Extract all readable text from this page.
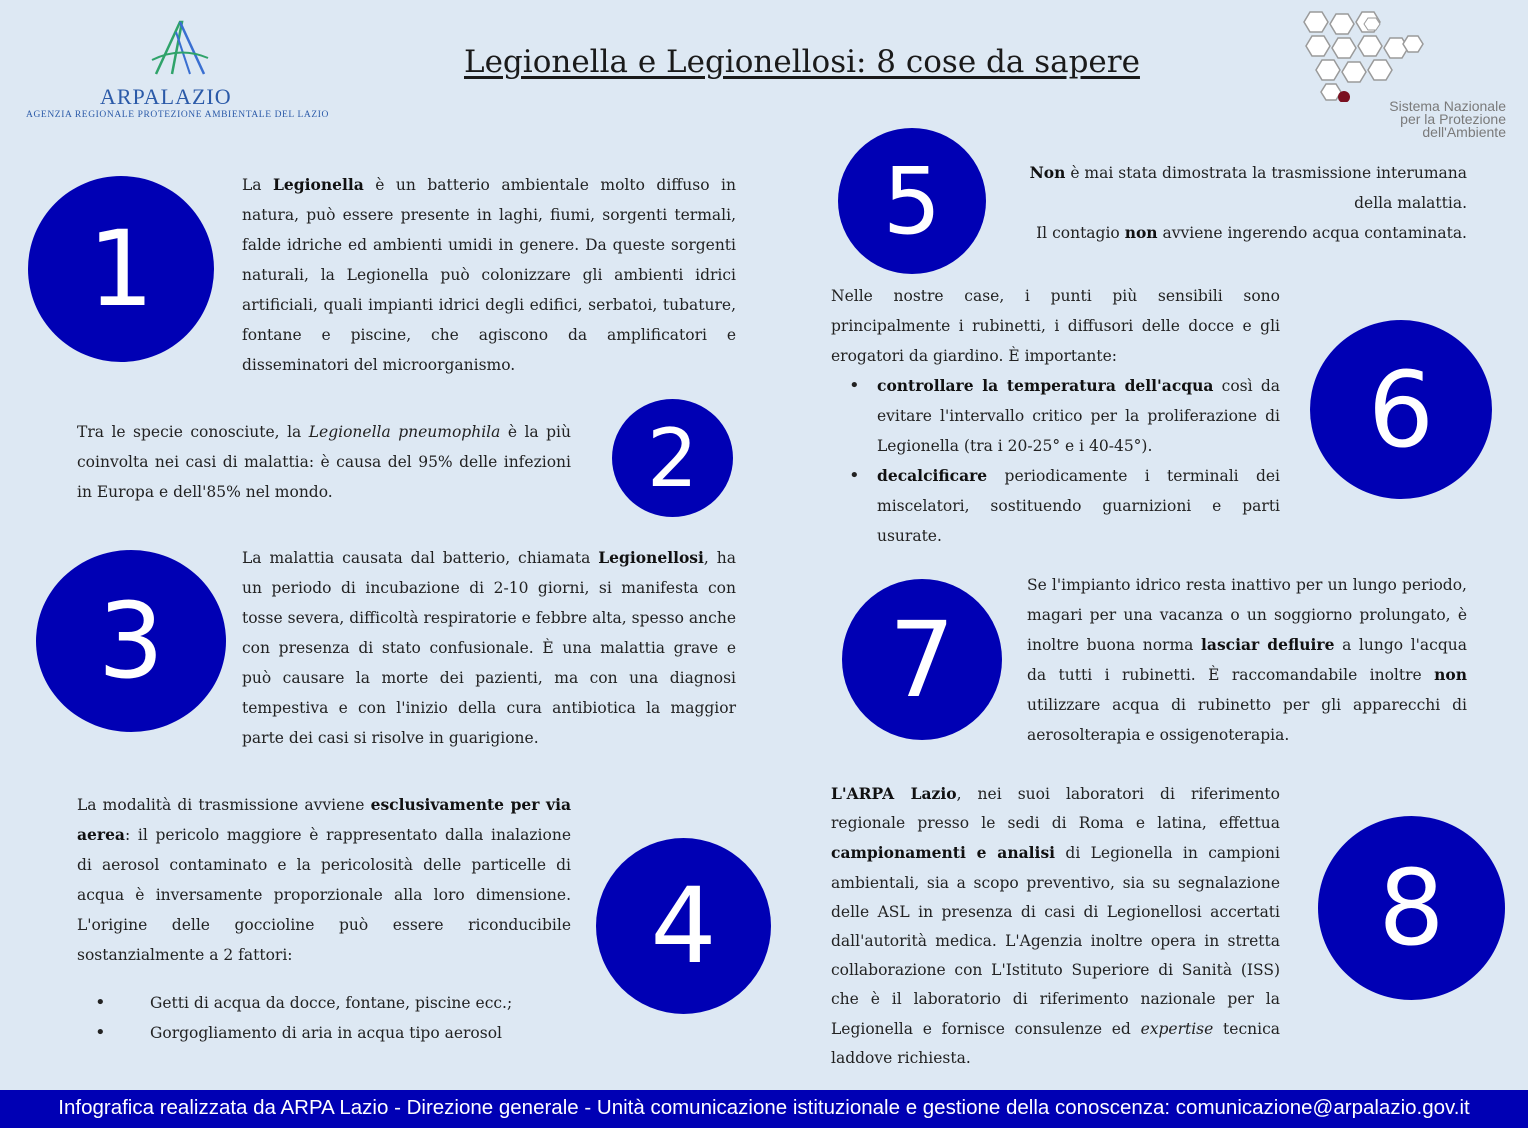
ARPALAZIO
AGENZIA REGIONALE PROTEZIONE AMBIENTALE DEL LAZIO
Legionella e Legionellosi: 8 cose da sapere
Sistema Nazionale
per la Protezione
dell'Ambiente
1
2
3
4
5
6
7
8

La Legionella è un batterio ambientale molto diffuso in natura, può essere presente in laghi, fiumi, sorgenti termali, falde idriche ed ambienti umidi in genere. Da queste sorgenti naturali, la Legionella può colonizzare gli ambienti idrici artificiali, quali impianti idrici degli edifici, serbatoi, tubature, fontane e piscine, che agiscono da amplificatori e disseminatori del microorganismo.

Tra le specie conosciute, la Legionella pneumophila è la più coinvolta nei casi di malattia: è causa del 95% delle infezioni in Europa e dell'85% nel mondo.

La malattia causata dal batterio, chiamata Legionellosi, ha un periodo di incubazione di 2-10 giorni, si manifesta con tosse severa, difficoltà respiratorie e febbre alta, spesso anche con presenza di stato confusionale. È una malattia grave e può causare la morte dei pazienti, ma con una diagnosi tempestiva e con l'inizio della cura antibiotica la maggior parte dei casi si risolve in guarigione.

La modalità di trasmissione avviene esclusivamente per via aerea: il pericolo maggiore è rappresentato dalla inalazione di aerosol contaminato e la pericolosità delle particelle di acqua è inversamente proporzionale alla loro dimensione. L'origine delle goccioline può essere riconducibile sostanzialmente a 2 fattori:

• Getti di acqua da docce, fontane, piscine ecc.;
• Gorgogliamento di aria in acqua tipo aerosol

Non è mai stata dimostrata la trasmissione interumana

della malattia.

Il contagio non avviene ingerendo acqua contaminata.

Nelle nostre case, i punti più sensibili sono principalmente i rubinetti, i diffusori delle docce e gli erogatori da giardino. È importante:

• controllare la temperatura dell'acqua così da evitare l'intervallo critico per la proliferazione di Legionella (tra i 20-25° e i 40-45°).
• decalcificare periodicamente i terminali dei miscelatori, sostituendo guarnizioni e parti usurate.

Se l'impianto idrico resta inattivo per un lungo periodo, magari per una vacanza o un soggiorno prolungato, è inoltre buona norma lasciar defluire a lungo l'acqua da tutti i rubinetti. È raccomandabile inoltre non utilizzare acqua di rubinetto per gli apparecchi di aerosolterapia e ossigenoterapia.

L'ARPA Lazio, nei suoi laboratori di riferimento regionale presso le sedi di Roma e latina, effettua campionamenti e analisi di Legionella in campioni ambientali, sia a scopo preventivo, sia su segnalazione delle ASL in presenza di casi di Legionellosi accertati dall'autorità medica. L'Agenzia inoltre opera in stretta collaborazione con L'Istituto Superiore di Sanità (ISS) che è il laboratorio di riferimento nazionale per la Legionella e fornisce consulenze ed expertise tecnica laddove richiesta.

Infografica realizzata da ARPA Lazio - Direzione generale - Unità comunicazione istituzionale e gestione della conoscenza: comunicazione@arpalazio.gov.it
